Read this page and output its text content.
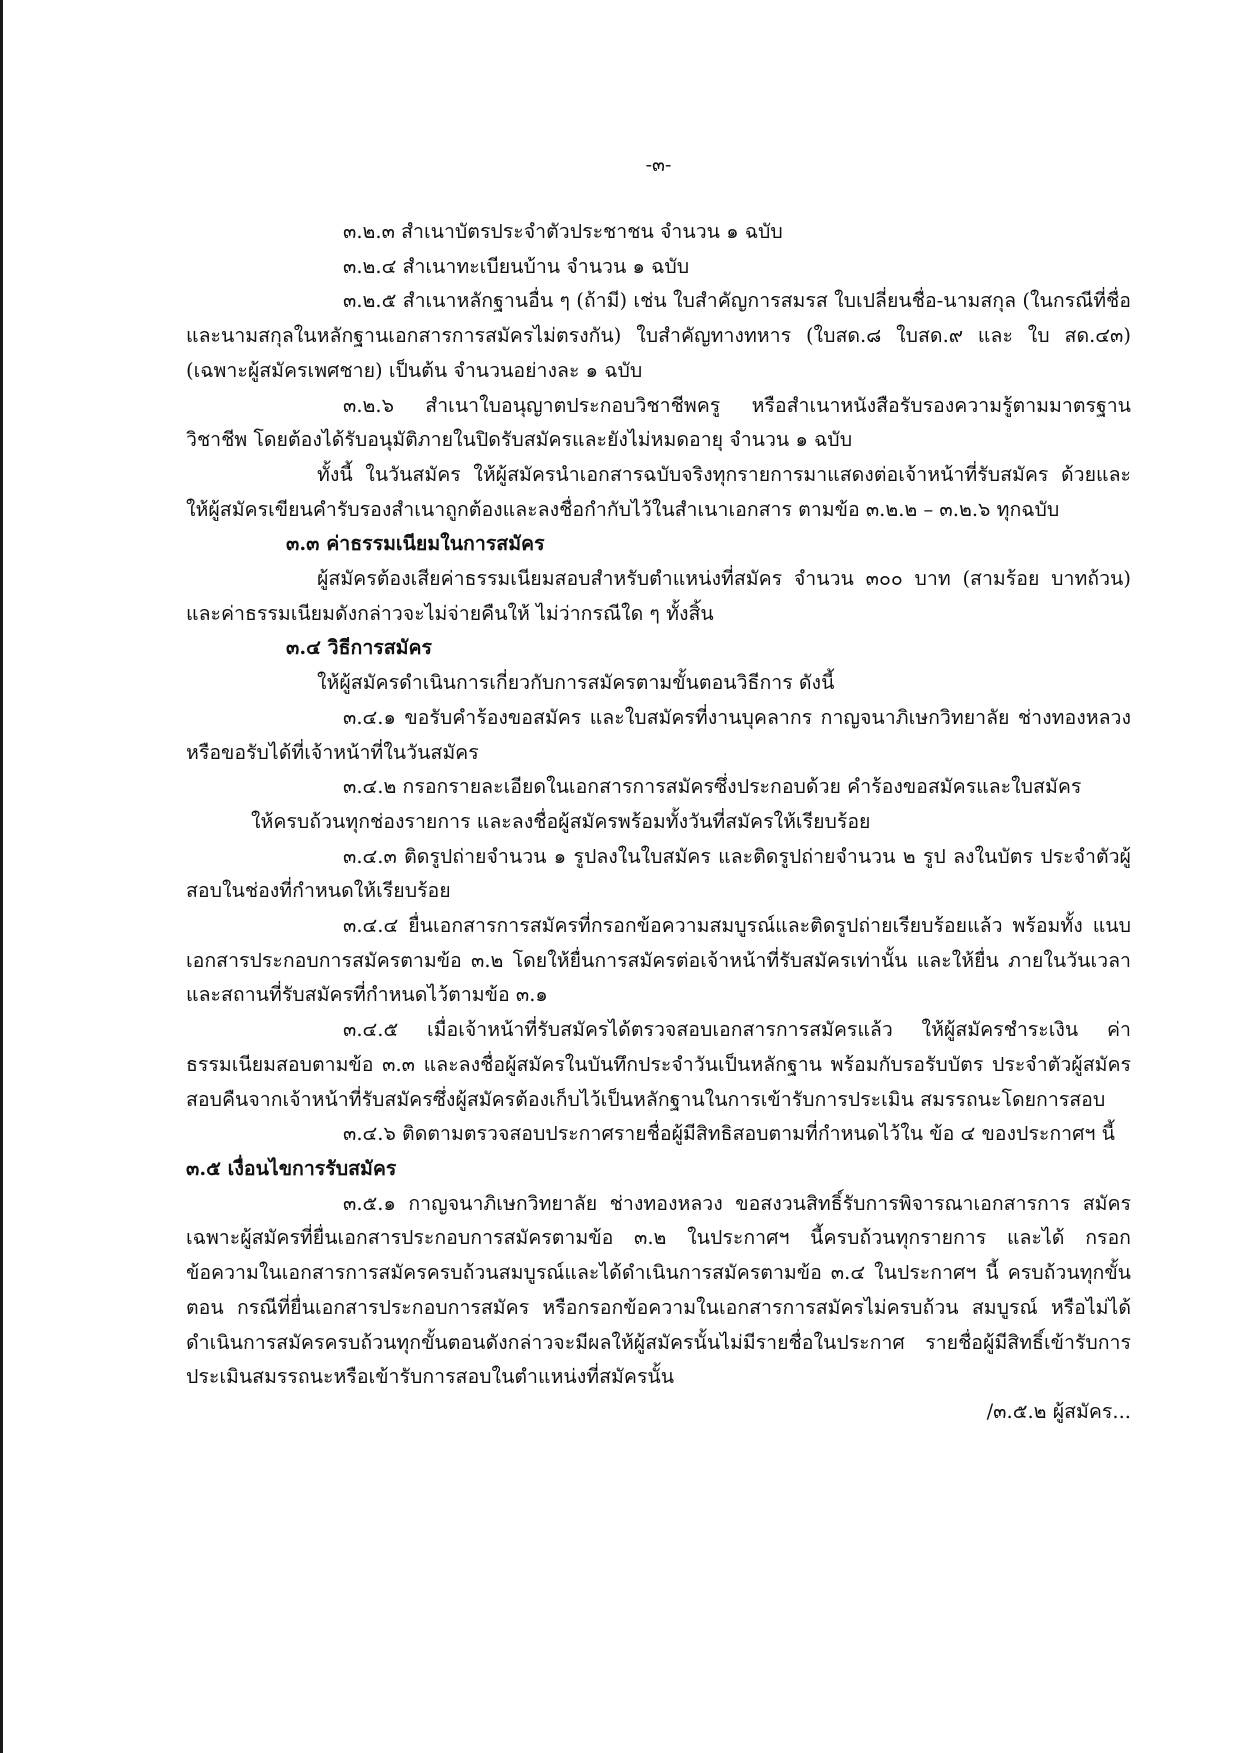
-๓-

๓.๒.๓ สำเนาบัตรประจำตัวประชาชน จำนวน ๑ ฉบับ

๓.๒.๔ สำเนาทะเบียนบ้าน จำนวน ๑ ฉบับ

๓.๒.๕ สำเนาหลักฐานอื่น ๆ (ถ้ามี) เช่น ใบสำคัญการสมรส ใบเปลี่ยนชื่อ-นามสกุล (ในกรณีที่ชื่อและนามสกุลในหลักฐานเอกสารการสมัครไม่ตรงกัน) ใบสำคัญทางทหาร (ใบสด.๘ ใบสด.๙ และ ใบ สด.๔๓) (เฉพาะผู้สมัครเพศชาย) เป็นต้น จำนวนอย่างละ ๑ ฉบับ

๓.๒.๖ สำเนาใบอนุญาตประกอบวิชาชีพครู หรือสำเนาหนังสือรับรองความรู้ตามมาตรฐานวิชาชีพ โดยต้องได้รับอนุมัติภายในปิดรับสมัครและยังไม่หมดอายุ จำนวน ๑ ฉบับ

ทั้งนี้ ในวันสมัคร ให้ผู้สมัครนำเอกสารฉบับจริงทุกรายการมาแสดงต่อเจ้าหน้าที่รับสมัคร ด้วยและให้ผู้สมัครเขียนคำรับรองสำเนาถูกต้องและลงชื่อกำกับไว้ในสำเนาเอกสาร ตามข้อ ๓.๒.๒ – ๓.๒.๖ ทุกฉบับ

๓.๓ ค่าธรรมเนียมในการสมัคร

ผู้สมัครต้องเสียค่าธรรมเนียมสอบสำหรับตำแหน่งที่สมัคร จำนวน ๓๐๐ บาท (สามร้อย บาทถ้วน) และค่าธรรมเนียมดังกล่าวจะไม่จ่ายคืนให้ ไม่ว่ากรณีใด ๆ ทั้งสิ้น

๓.๔ วิธีการสมัคร

ให้ผู้สมัครดำเนินการเกี่ยวกับการสมัครตามขั้นตอนวิธีการ ดังนี้

๓.๔.๑ ขอรับคำร้องขอสมัคร และใบสมัครที่งานบุคลากร กาญจนาภิเษกวิทยาลัย ช่างทองหลวง หรือขอรับได้ที่เจ้าหน้าที่ในวันสมัคร

๓.๔.๒ กรอกรายละเอียดในเอกสารการสมัครซึ่งประกอบด้วย คำร้องขอสมัครและใบสมัคร

ให้ครบถ้วนทุกช่องรายการ และลงชื่อผู้สมัครพร้อมทั้งวันที่สมัครให้เรียบร้อย

๓.๔.๓ ติดรูปถ่ายจำนวน ๑ รูปลงในใบสมัคร และติดรูปถ่ายจำนวน ๒ รูป ลงในบัตร ประจำตัวผู้สอบในช่องที่กำหนดให้เรียบร้อย

๓.๔.๔ ยื่นเอกสารการสมัครที่กรอกข้อความสมบูรณ์และติดรูปถ่ายเรียบร้อยแล้ว พร้อมทั้ง แนบเอกสารประกอบการสมัครตามข้อ ๓.๒ โดยให้ยื่นการสมัครต่อเจ้าหน้าที่รับสมัครเท่านั้น และให้ยื่น ภายในวันเวลาและสถานที่รับสมัครที่กำหนดไว้ตามข้อ ๓.๑

๓.๔.๕ เมื่อเจ้าหน้าที่รับสมัครได้ตรวจสอบเอกสารการสมัครแล้ว ให้ผู้สมัครชำระเงิน ค่าธรรมเนียมสอบตามข้อ ๓.๓ และลงชื่อผู้สมัครในบันทึกประจำวันเป็นหลักฐาน พร้อมกับรอรับบัตร ประจำตัวผู้สมัครสอบคืนจากเจ้าหน้าที่รับสมัครซึ่งผู้สมัครต้องเก็บไว้เป็นหลักฐานในการเข้ารับการประเมิน สมรรถนะโดยการสอบ

๓.๔.๖ ติดตามตรวจสอบประกาศรายชื่อผู้มีสิทธิสอบตามที่กำหนดไว้ใน ข้อ ๔ ของประกาศฯ นี้

๓.๕ เงื่อนไขการรับสมัคร

๓.๕.๑ กาญจนาภิเษกวิทยาลัย ช่างทองหลวง ขอสงวนสิทธิ์รับการพิจารณาเอกสารการ สมัครเฉพาะผู้สมัครที่ยื่นเอกสารประกอบการสมัครตามข้อ ๓.๒ ในประกาศฯ นี้ครบถ้วนทุกรายการ และได้ กรอกข้อความในเอกสารการสมัครครบถ้วนสมบูรณ์และได้ดำเนินการสมัครตามข้อ ๓.๔ ในประกาศฯ นี้ ครบถ้วนทุกขั้นตอน กรณีที่ยื่นเอกสารประกอบการสมัคร หรือกรอกข้อความในเอกสารการสมัครไม่ครบถ้วน สมบูรณ์ หรือไม่ได้ดำเนินการสมัครครบถ้วนทุกขั้นตอนดังกล่าวจะมีผลให้ผู้สมัครนั้นไม่มีรายชื่อในประกาศ รายชื่อผู้มีสิทธิ์เข้ารับการประเมินสมรรถนะหรือเข้ารับการสอบในตำแหน่งที่สมัครนั้น

/๓.๕.๒ ผู้สมัคร...
